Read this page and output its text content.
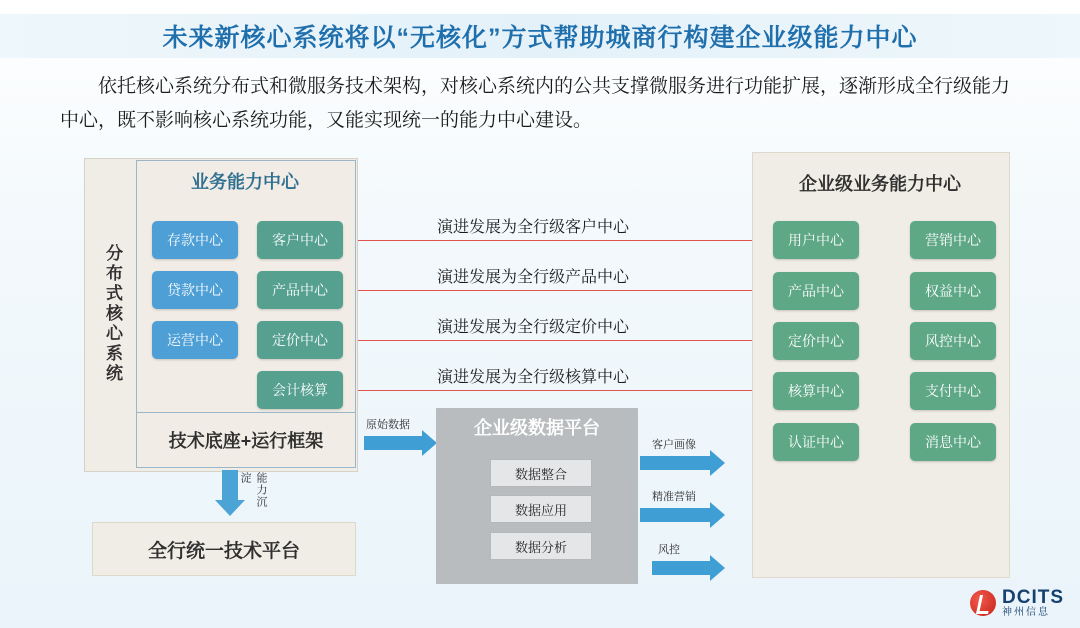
未来新核心系统将以“无核化”方式帮助城商行构建企业级能力中心
依托核心系统分布式和微服务技术架构，对核心系统内的公共支撑微服务进行功能扩展，逐渐形成全行级能力中心，既不影响核心系统功能，又能实现统一的能力中心建设。
分布式核心系统
业务能力中心
存款中心	客户中心
贷款中心	产品中心
运营中心	定价中心
会计核算
技术底座+运行框架
能力沉淀
全行统一技术平台
演进发展为全行级客户中心
演进发展为全行级产品中心
演进发展为全行级定价中心
演进发展为全行级核算中心
企业级业务能力中心
用户中心	营销中心
产品中心	权益中心
定价中心	风控中心
核算中心	支付中心
认证中心	消息中心
原始数据	企业级数据平台
数据整合
数据应用
数据分析
客户画像
精准营销
风控
DCITS
神州信息
